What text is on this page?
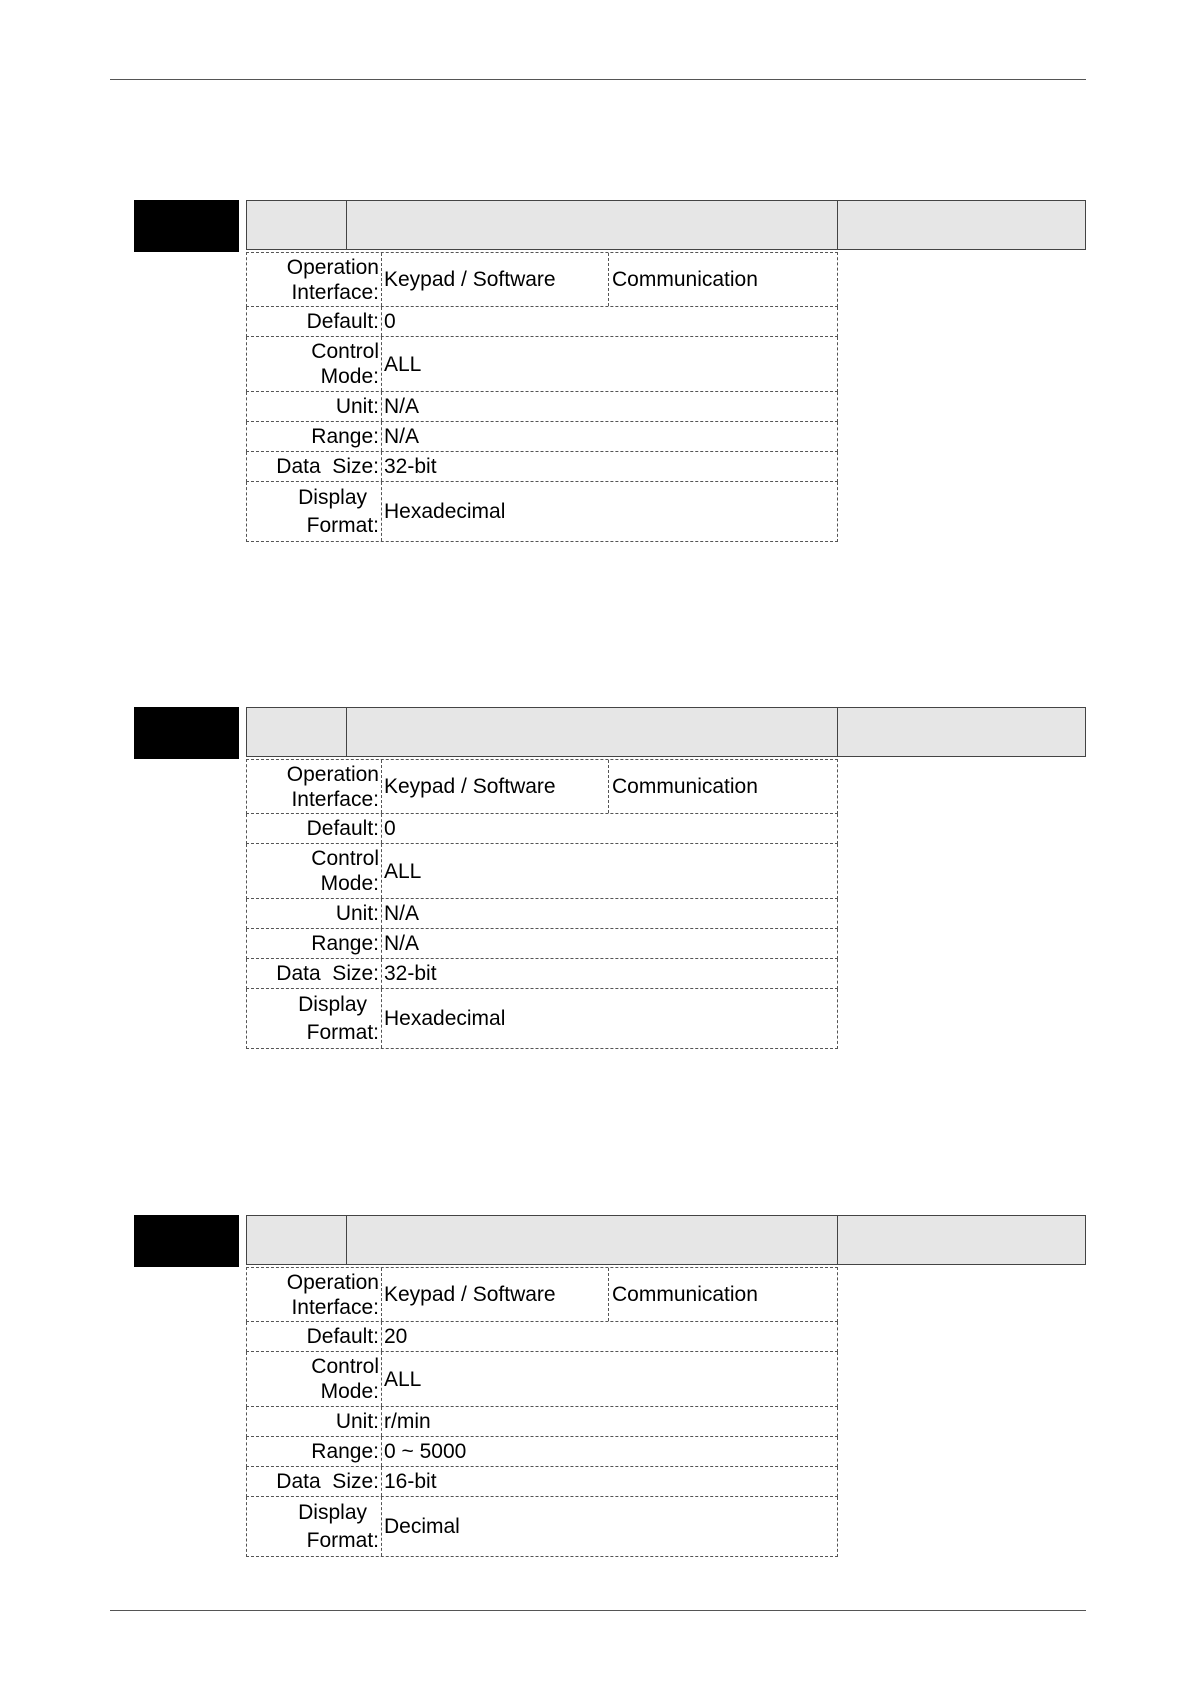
Operation
Interface:
Keypad / Software	Communication
Default: 0
Control
Mode:
ALL
Unit: N/A
Range: N/A
Data  Size: 32-bit
Display
Format:
Hexadecimal
Operation
Interface:
Keypad / Software	Communication
Default: 0
Control
Mode:
ALL
Unit: N/A
Range: N/A
Data  Size: 32-bit
Display
Format:
Hexadecimal
Operation
Interface:
Keypad / Software	Communication
Default: 20
Control
Mode:
ALL
Unit: r/min
Range: 0 ~ 5000
Data  Size: 16-bit
Display
Format:
Decimal
